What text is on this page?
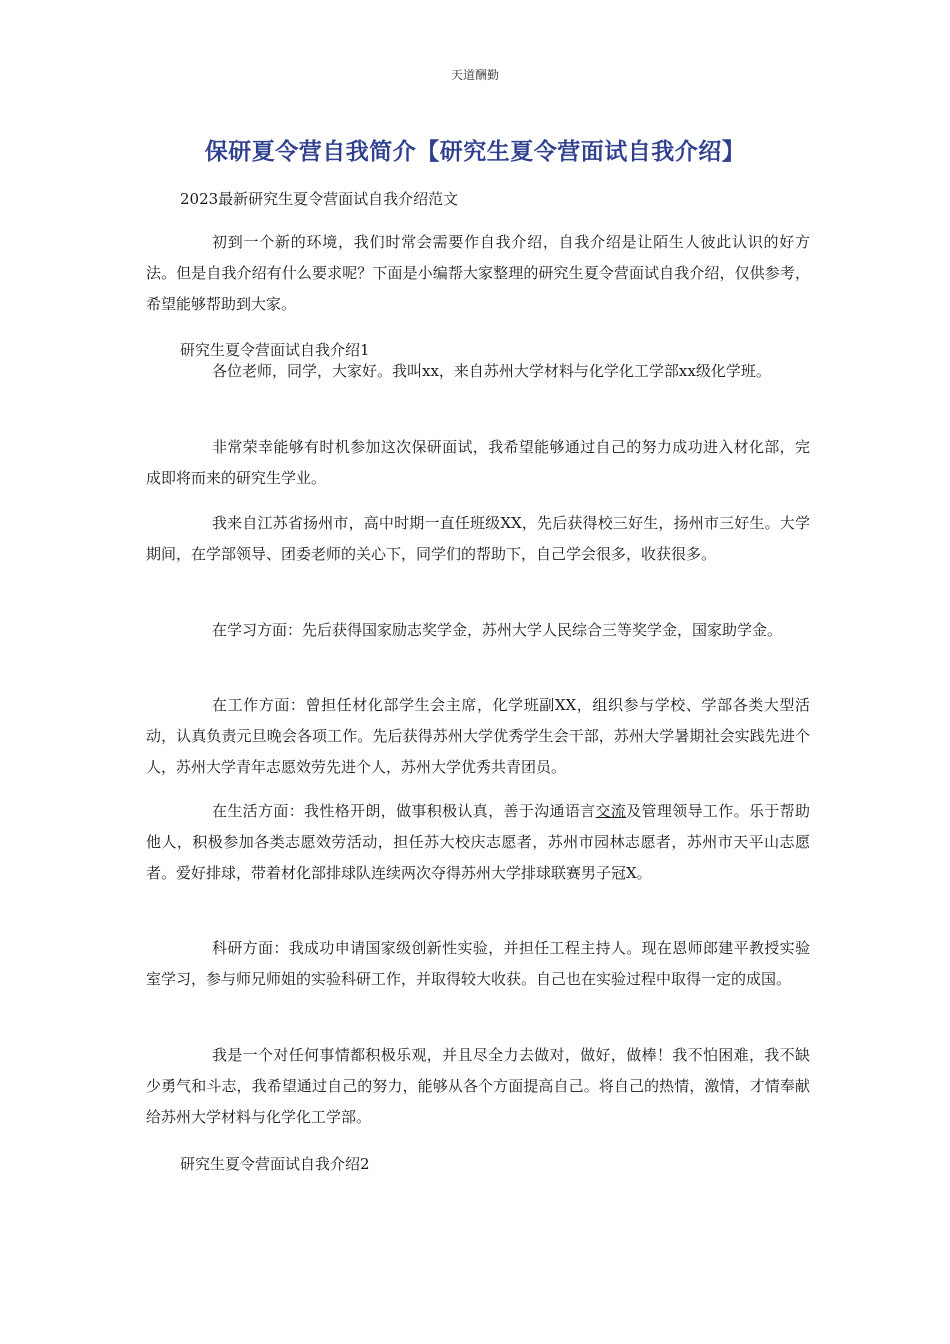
天道酬勤
保研夏令营自我简介【研究生夏令营面试自我介绍】
2023最新研究生夏令营面试自我介绍范文
初到一个新的环境，我们时常会需要作自我介绍，自我介绍是让陌生人彼此认识的好方法。但是自我介绍有什么要求呢？下面是小编帮大家整理的研究生夏令营面试自我介绍，仅供参考，希望能够帮助到大家。
研究生夏令营面试自我介绍1
各位老师，同学，大家好。我叫xx，来自苏州大学材料与化学化工学部xx级化学班。
非常荣幸能够有时机参加这次保研面试，我希望能够通过自己的努力成功进入材化部，完成即将而来的研究生学业。
我来自江苏省扬州市，高中时期一直任班级XX，先后获得校三好生，扬州市三好生。大学期间，在学部领导、团委老师的关心下，同学们的帮助下，自己学会很多，收获很多。
在学习方面：先后获得国家励志奖学金，苏州大学人民综合三等奖学金，国家助学金。
在工作方面：曾担任材化部学生会主席，化学班副XX，组织参与学校、学部各类大型活动，认真负责元旦晚会各项工作。先后获得苏州大学优秀学生会干部，苏州大学暑期社会实践先进个人，苏州大学青年志愿效劳先进个人，苏州大学优秀共青团员。
在生活方面：我性格开朗，做事积极认真，善于沟通语言交流及管理领导工作。乐于帮助他人，积极参加各类志愿效劳活动，担任苏大校庆志愿者，苏州市园林志愿者，苏州市天平山志愿者。爱好排球，带着材化部排球队连续两次夺得苏州大学排球联赛男子冠X。
科研方面：我成功申请国家级创新性实验，并担任工程主持人。现在恩师郎建平教授实验室学习，参与师兄师姐的实验科研工作，并取得较大收获。自己也在实验过程中取得一定的成国。
我是一个对任何事情都积极乐观，并且尽全力去做对，做好，做棒！我不怕困难，我不缺少勇气和斗志，我希望通过自己的努力，能够从各个方面提高自己。将自己的热情，激情，才情奉献给苏州大学材料与化学化工学部。
研究生夏令营面试自我介绍2
